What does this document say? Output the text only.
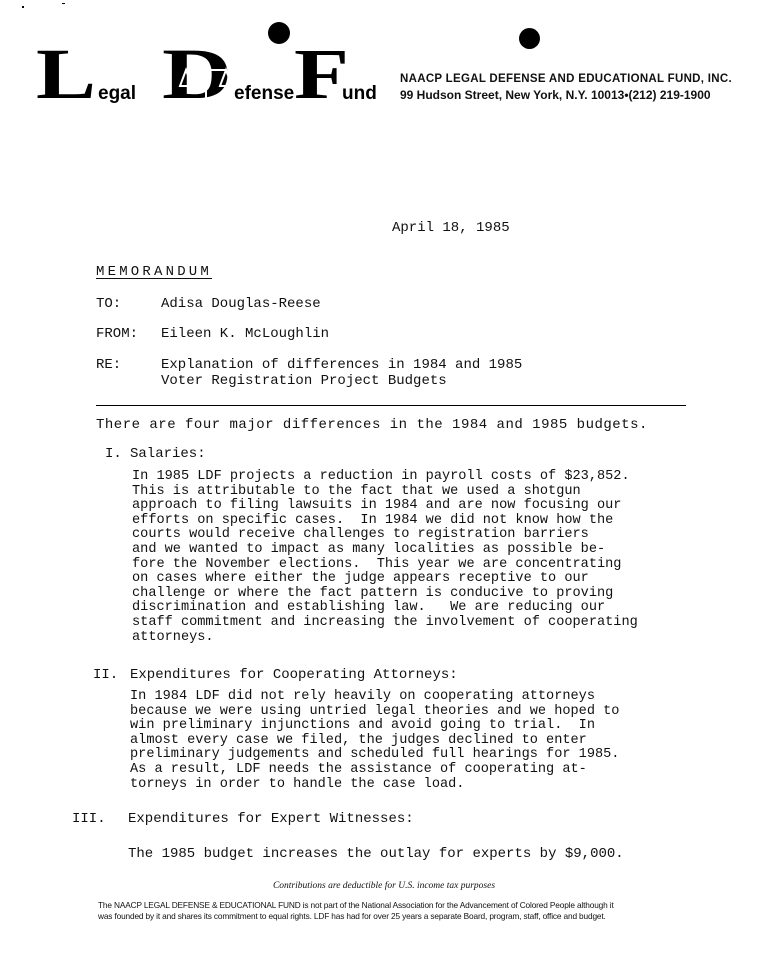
L egal D efense F
und
NAACP LEGAL DEFENSE AND EDUCATIONAL FUND, INC.
99 Hudson Street, New York, N.Y. 10013•(212) 219-1900
April 18, 1985
MEMORANDUM
TO:	Adisa Douglas-Reese
FROM: Eileen K. McLoughlin
RE:	Explanation of differences in 1984 and 1985
Voter Registration Project Budgets
There are four major differences in the 1984 and 1985 budgets.
I. Salaries:
In 1985 LDF projects a reduction in payroll costs of $23,852.
This is attributable to the fact that we used a shotgun
approach to filing lawsuits in 1984 and are now focusing our
efforts on specific cases.  In 1984 we did not know how the
courts would receive challenges to registration barriers
and we wanted to impact as many localities as possible be-
fore the November elections.  This year we are concentrating
on cases where either the judge appears receptive to our
challenge or where the fact pattern is conducive to proving
discrimination and establishing law.   We are reducing our
staff commitment and increasing the involvement of cooperating
attorneys.
II. Expenditures for Cooperating Attorneys:
In 1984 LDF did not rely heavily on cooperating attorneys
because we were using untried legal theories and we hoped to
win preliminary injunctions and avoid going to trial.  In
almost every case we filed, the judges declined to enter
preliminary judgements and scheduled full hearings for 1985.
As a result, LDF needs the assistance of cooperating at-
torneys in order to handle the case load.
III. Expenditures for Expert Witnesses:
The 1985 budget increases the outlay for experts by $9,000.
Contributions are deductible for U.S. income tax purposes
The NAACP LEGAL DEFENSE & EDUCATIONAL FUND is not part of the National Association for the Advancement of Colored People although it
was founded by it and shares its commitment to equal rights. LDF has had for over 25 years a separate Board, program, staff, office and budget.
